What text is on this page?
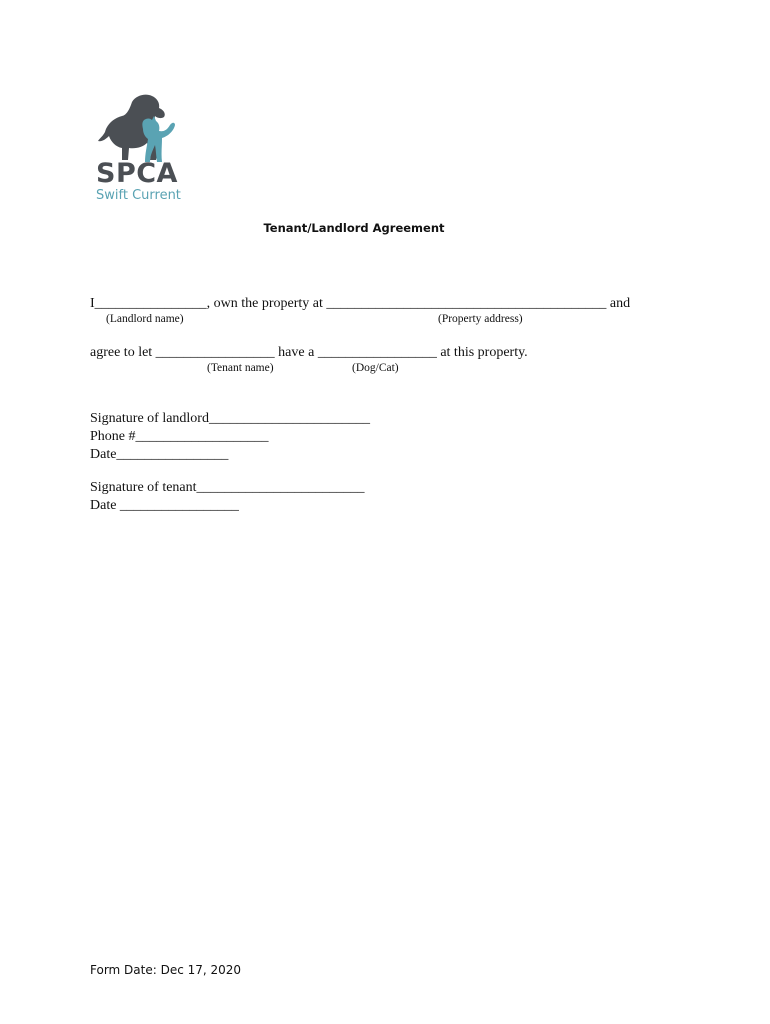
SPCA
Swift Current
Tenant/Landlord Agreement
I________________, own the property at ________________________________________ and
(Landlord name)	(Property address)
agree to let _________________ have a _________________ at this property.
(Tenant name)	(Dog/Cat)
Signature of landlord_______________________
Phone #___________________
Date________________
Signature of tenant________________________
Date _________________
Form Date: Dec 17, 2020
